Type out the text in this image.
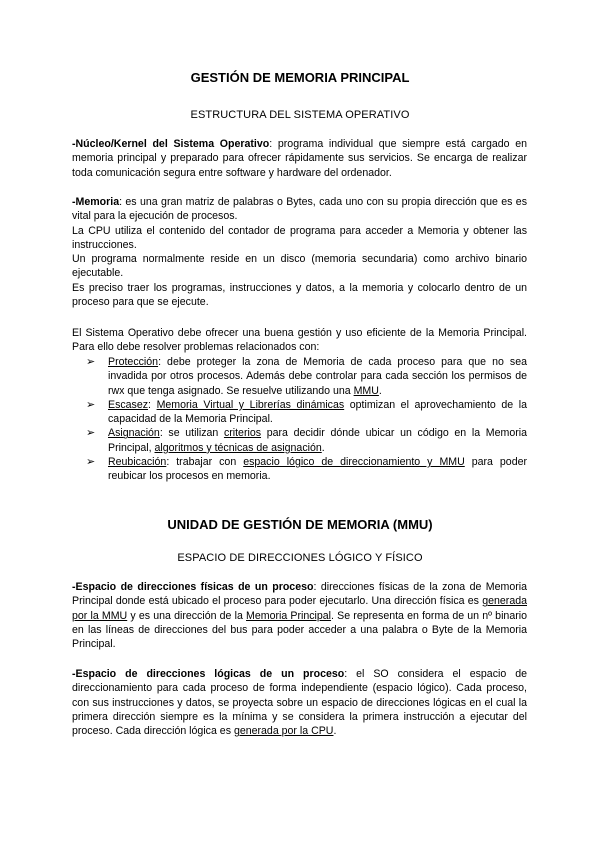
GESTIÓN DE MEMORIA PRINCIPAL
ESTRUCTURA DEL SISTEMA OPERATIVO

-Núcleo/Kernel del Sistema Operativo: programa individual que siempre está cargado en memoria principal y preparado para ofrecer rápidamente sus servicios. Se encarga de realizar toda comunicación segura entre software y hardware del ordenador.

-Memoria: es una gran matriz de palabras o Bytes, cada uno con su propia dirección que es es vital para la ejecución de procesos.

La CPU utiliza el contenido del contador de programa para acceder a Memoria y obtener las instrucciones.

Un programa normalmente reside en un disco (memoria secundaria) como archivo binario ejecutable.

Es preciso traer los programas, instrucciones y datos, a la memoria y colocarlo dentro de un proceso para que se ejecute.

El Sistema Operativo debe ofrecer una buena gestión y uso eficiente de la Memoria Principal. Para ello debe resolver problemas relacionados con:

➢ Protección: debe proteger la zona de Memoria de cada proceso para que no sea invadida por otros procesos. Además debe controlar para cada sección los permisos de rwx que tenga asignado. Se resuelve utilizando una MMU.
➢ Escasez: Memoria Virtual y Librerías dinámicas optimizan el aprovechamiento de la capacidad de la Memoria Principal.
➢ Asignación: se utilizan criterios para decidir dónde ubicar un código en la Memoria Principal, algoritmos y técnicas de asignación.
➢ Reubicación: trabajar con espacio lógico de direccionamiento y MMU para poder reubicar los procesos en memoria.
UNIDAD DE GESTIÓN DE MEMORIA (MMU)
ESPACIO DE DIRECCIONES LÓGICO Y FÍSICO

-Espacio de direcciones físicas de un proceso: direcciones físicas de la zona de Memoria Principal donde está ubicado el proceso para poder ejecutarlo. Una dirección física es generada por la MMU y es una dirección de la Memoria Principal. Se representa en forma de un nº binario en las líneas de direcciones del bus para poder acceder a una palabra o Byte de la Memoria Principal.

-Espacio de direcciones lógicas de un proceso: el SO considera el espacio de direccionamiento para cada proceso de forma independiente (espacio lógico). Cada proceso, con sus instrucciones y datos, se proyecta sobre un espacio de direcciones lógicas en el cual la primera dirección siempre es la mínima y se considera la primera instrucción a ejecutar del proceso. Cada dirección lógica es generada por la CPU.
